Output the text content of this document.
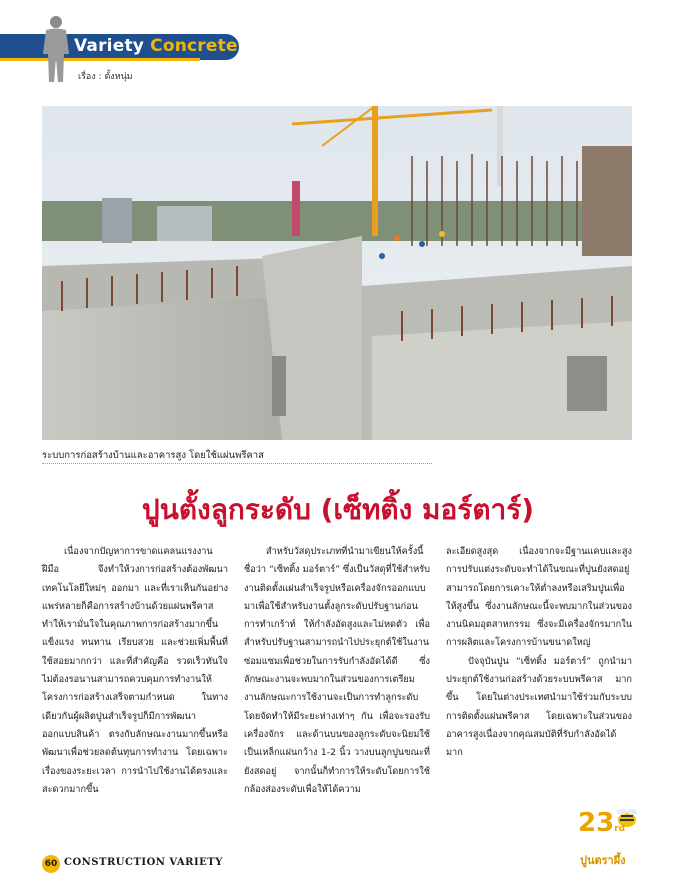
Variety Concrete
เรื่อง : ตั้งหนุ่ม
ระบบการก่อสร้างบ้านและอาคารสูง โดยใช้แผ่นพรีคาส
ปูนตั้งลูกระดับ (เซ็ทติ้ง มอร์ตาร์)

เนื่องจากปัญหาการขาดแคลนแรงงานฝีมือ จึงทำให้วงการก่อสร้างต้องพัฒนาเทคโนโลยีใหม่ๆ ออกมา และที่เราเห็นกันอย่างแพร่หลายก็คือการสร้างบ้านด้วยแผ่นพรีคาส ทำให้เรามั่นใจในคุณภาพการก่อสร้างมากขึ้น แข็งแรง ทนทาน เรียบสวย และช่วยเพิ่มพื้นที่ใช้สอยมากกว่า และที่สำคัญคือ รวดเร็วทันใจ ไม่ต้องรอนานสามารถควบคุมการทำงานให้โครงการก่อสร้างเสร็จตามกำหนด ในทางเดียวกันผู้ผลิตปูนสำเร็จรูปก็มีการพัฒนาออกแบบสินค้า ตรงกับลักษณะงานมากขึ้นหรือพัฒนาเพื่อช่วยลดต้นทุนการทำงาน โดยเฉพาะเรื่องของระยะเวลา การนำไปใช้งานได้ตรงและสะดวกมากขึ้น

สำหรับวัสดุประเภทที่นำมาเขียนให้ครั้งนี้ชื่อว่า “เซ็ทติ้ง มอร์ตาร์” ซึ่งเป็นวัสดุที่ใช้สำหรับงานติดตั้งแผ่นสำเร็จรูปหรือเครื่องจักรออกแบบมาเพื่อใช้สำหรับงานตั้งลูกระดับปรับฐานก่อนการทำเกร้าท์ ให้กำลังอัดสูงและไม่หดตัว เพื่อสำหรับปรับฐานสามารถนำไปประยุกต์ใช้ในงานซ่อมแซมเพื่อช่วยในการรับกำลังอัดได้ดี ซึ่งลักษณะงานจะพบมากในส่วนของการเตรียมงานลักษณะการใช้งานจะเป็นการทำลูกระดับโดยจัดทำให้มีระยะห่างเท่าๆ กัน เพื่อจะรองรับเครื่องจักร และด้านบนของลูกระดับจะนิยมใช้เป็นเหล็กแผ่นกว้าง 1-2 นิ้ว วางบนลูกปูนขณะที่ยังสดอยู่ จากนั้นก็ทำการให้ระดับโดยการใช้กล้องส่องระดับเพื่อให้ได้ความ

ละเอียดสูงสุด เนื่องจากจะมีฐานแคบและสูง การปรับแต่งระดับจะทำได้ในขณะที่ปูนยังสดอยู่ สามารถโดยการเคาะให้ต่ำลงหรือเสริมปูนเพื่อให้สูงขึ้น ซึ่งงานลักษณะนี้จะพบมากในส่วนของงานนิคมอุตสาหกรรม ซึ่งจะมีเครื่องจักรมากในการผลิตและโครงการบ้านขนาดใหญ่

ปัจจุบันปูน “เซ็ทติ้ง มอร์ตาร์” ถูกนำมาประยุกต์ใช้งานก่อสร้างด้วยระบบพรีคาส มากขึ้น โดยในต่างประเทศนำมาใช้ร่วมกับระบบการติดตั้งแผ่นพรีคาส โดยเฉพาะในส่วนของอาคารสูงเนื่องจากคุณสมบัติที่รับกำลังอัดได้มาก

60 CONSTRUCTION VARIETY
23rd
ปูนตราผึ้ง
